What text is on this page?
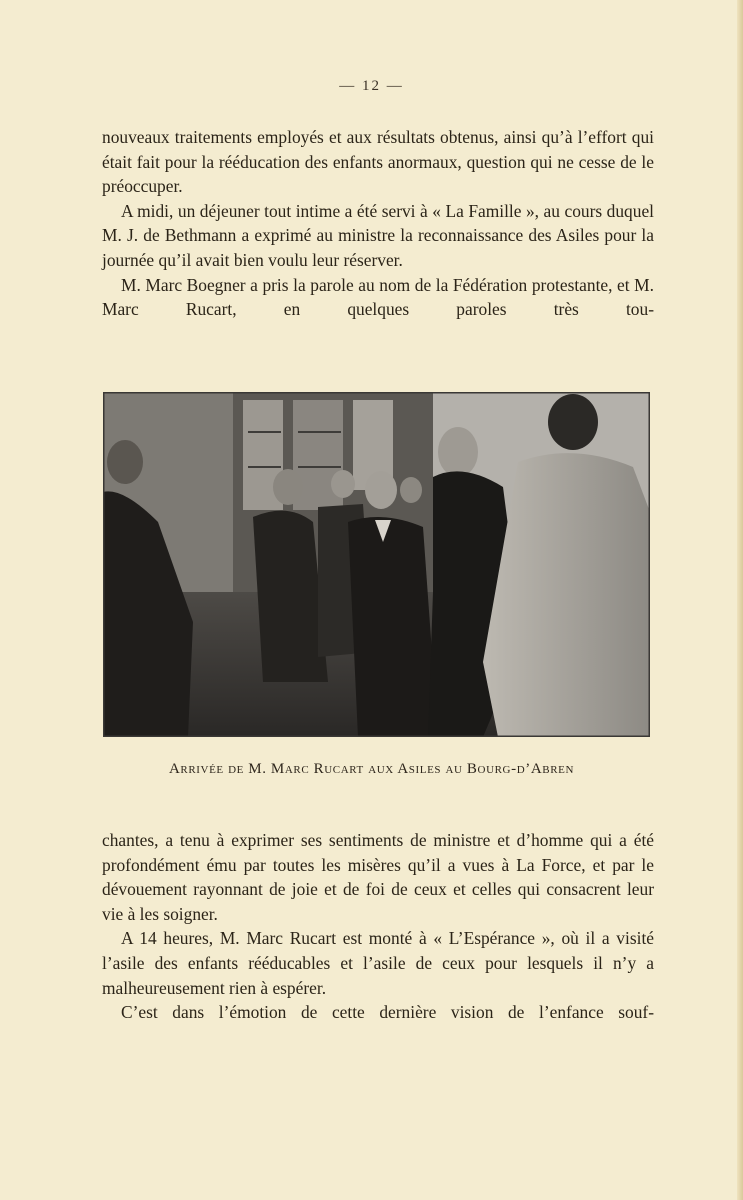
— 12 —

nouveaux traitements employés et aux résultats obtenus, ainsi qu’à l’effort qui était fait pour la rééducation des enfants anormaux, question qui ne cesse de le préoccuper.

A midi, un déjeuner tout intime a été servi à « La Famille », au cours duquel M. J. de Bethmann a exprimé au ministre la reconnaissance des Asiles pour la journée qu’il avait bien voulu leur réserver.

M. Marc Boegner a pris la parole au nom de la Fédération protestante, et M. Marc Rucart, en quelques paroles très tou-

Arrivée de M. Marc Rucart aux Asiles au Bourg-d’Abren

chantes, a tenu à exprimer ses sentiments de ministre et d’homme qui a été profondément ému par toutes les misères qu’il a vues à La Force, et par le dévouement rayonnant de joie et de foi de ceux et celles qui consacrent leur vie à les soigner.

A 14 heures, M. Marc Rucart est monté à « L’Espérance », où il a visité l’asile des enfants rééducables et l’asile de ceux pour lesquels il n’y a malheureusement rien à espérer.

C’est dans l’émotion de cette dernière vision de l’enfance souf-
